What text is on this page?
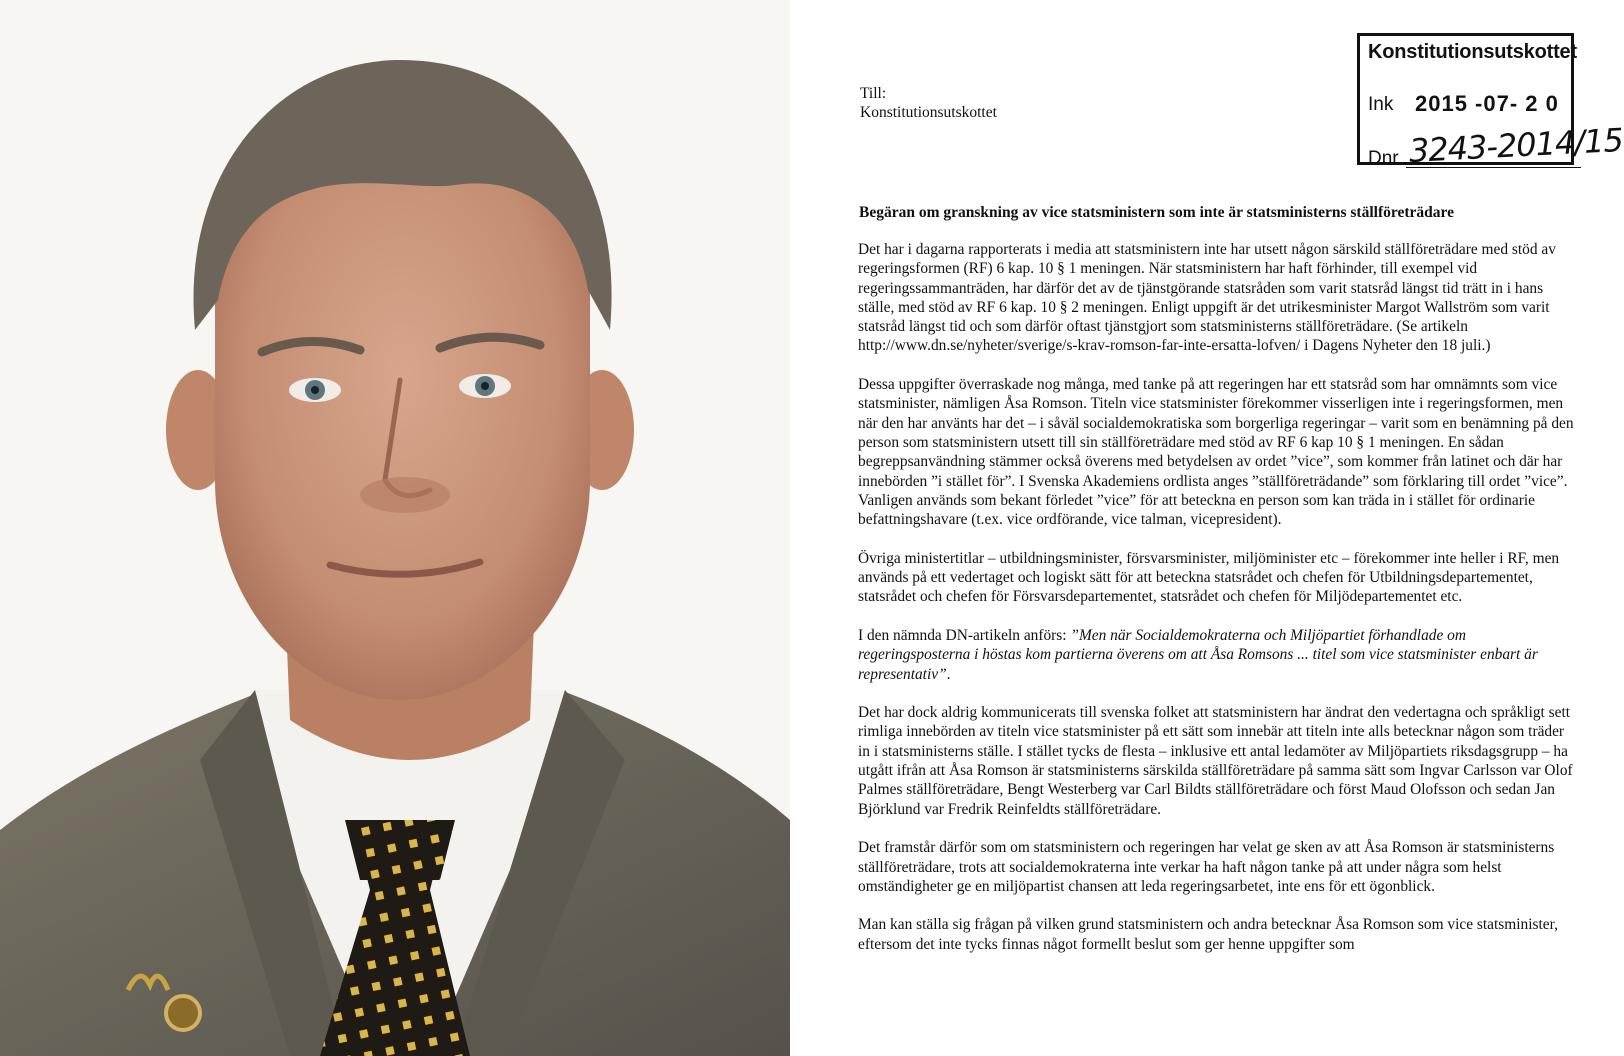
Till:
Konstitutionsutskottet
Konstitutionsutskottet
Ink 2015 -07- 2 0
Dnr 3243-2014/15
Begäran om granskning av vice statsministern som inte är statsministerns ställföreträdare

Det har i dagarna rapporterats i media att statsministern inte har utsett någon särskild ställföreträdare med stöd av regeringsformen (RF) 6 kap. 10 § 1 meningen. När statsministern har haft förhinder, till exempel vid regeringssammanträden, har därför det av de tjänstgörande statsråden som varit statsråd längst tid trätt in i hans ställe, med stöd av RF 6 kap. 10 § 2 meningen. Enligt uppgift är det utrikesminister Margot Wallström som varit statsråd längst tid och som därför oftast tjänstgjort som statsministerns ställföreträdare. (Se artikeln http://www.dn.se/nyheter/sverige/s-krav-romson-far-inte-ersatta-lofven/ i Dagens Nyheter den 18 juli.)

Dessa uppgifter överraskade nog många, med tanke på att regeringen har ett statsråd som har omnämnts som vice statsminister, nämligen Åsa Romson. Titeln vice statsminister förekommer visserligen inte i regeringsformen, men när den har använts har det – i såväl socialdemokratiska som borgerliga regeringar – varit som en benämning på den person som statsministern utsett till sin ställföreträdare med stöd av RF 6 kap 10 § 1 meningen. En sådan begreppsanvändning stämmer också överens med betydelsen av ordet ”vice”, som kommer från latinet och där har innebörden ”i stället för”. I Svenska Akademiens ordlista anges ”ställföreträdande” som förklaring till ordet ”vice”. Vanligen används som bekant förledet ”vice” för att beteckna en person som kan träda in i stället för ordinarie befattningshavare (t.ex. vice ordförande, vice talman, vicepresident).

Övriga ministertitlar – utbildningsminister, försvarsminister, miljöminister etc – förekommer inte heller i RF, men används på ett vedertaget och logiskt sätt för att beteckna statsrådet och chefen för Utbildningsdepartementet, statsrådet och chefen för Försvarsdepartementet, statsrådet och chefen för Miljödepartementet etc.

I den nämnda DN-artikeln anförs: ”Men när Socialdemokraterna och Miljöpartiet förhandlade om regeringsposterna i höstas kom partierna överens om att Åsa Romsons ... titel som vice statsminister enbart är representativ”.

Det har dock aldrig kommunicerats till svenska folket att statsministern har ändrat den vedertagna och språkligt sett rimliga innebörden av titeln vice statsminister på ett sätt som innebär att titeln inte alls betecknar någon som träder in i statsministerns ställe. I stället tycks de flesta – inklusive ett antal ledamöter av Miljöpartiets riksdagsgrupp – ha utgått ifrån att Åsa Romson är statsministerns särskilda ställföreträdare på samma sätt som Ingvar Carlsson var Olof Palmes ställföreträdare, Bengt Westerberg var Carl Bildts ställföreträdare och först Maud Olofsson och sedan Jan Björklund var Fredrik Reinfeldts ställföreträdare.

Det framstår därför som om statsministern och regeringen har velat ge sken av att Åsa Romson är statsministerns ställföreträdare, trots att socialdemokraterna inte verkar ha haft någon tanke på att under några som helst omständigheter ge en miljöpartist chansen att leda regeringsarbetet, inte ens för ett ögonblick.

Man kan ställa sig frågan på vilken grund statsministern och andra betecknar Åsa Romson som vice statsminister, eftersom det inte tycks finnas något formellt beslut som ger henne uppgifter som
